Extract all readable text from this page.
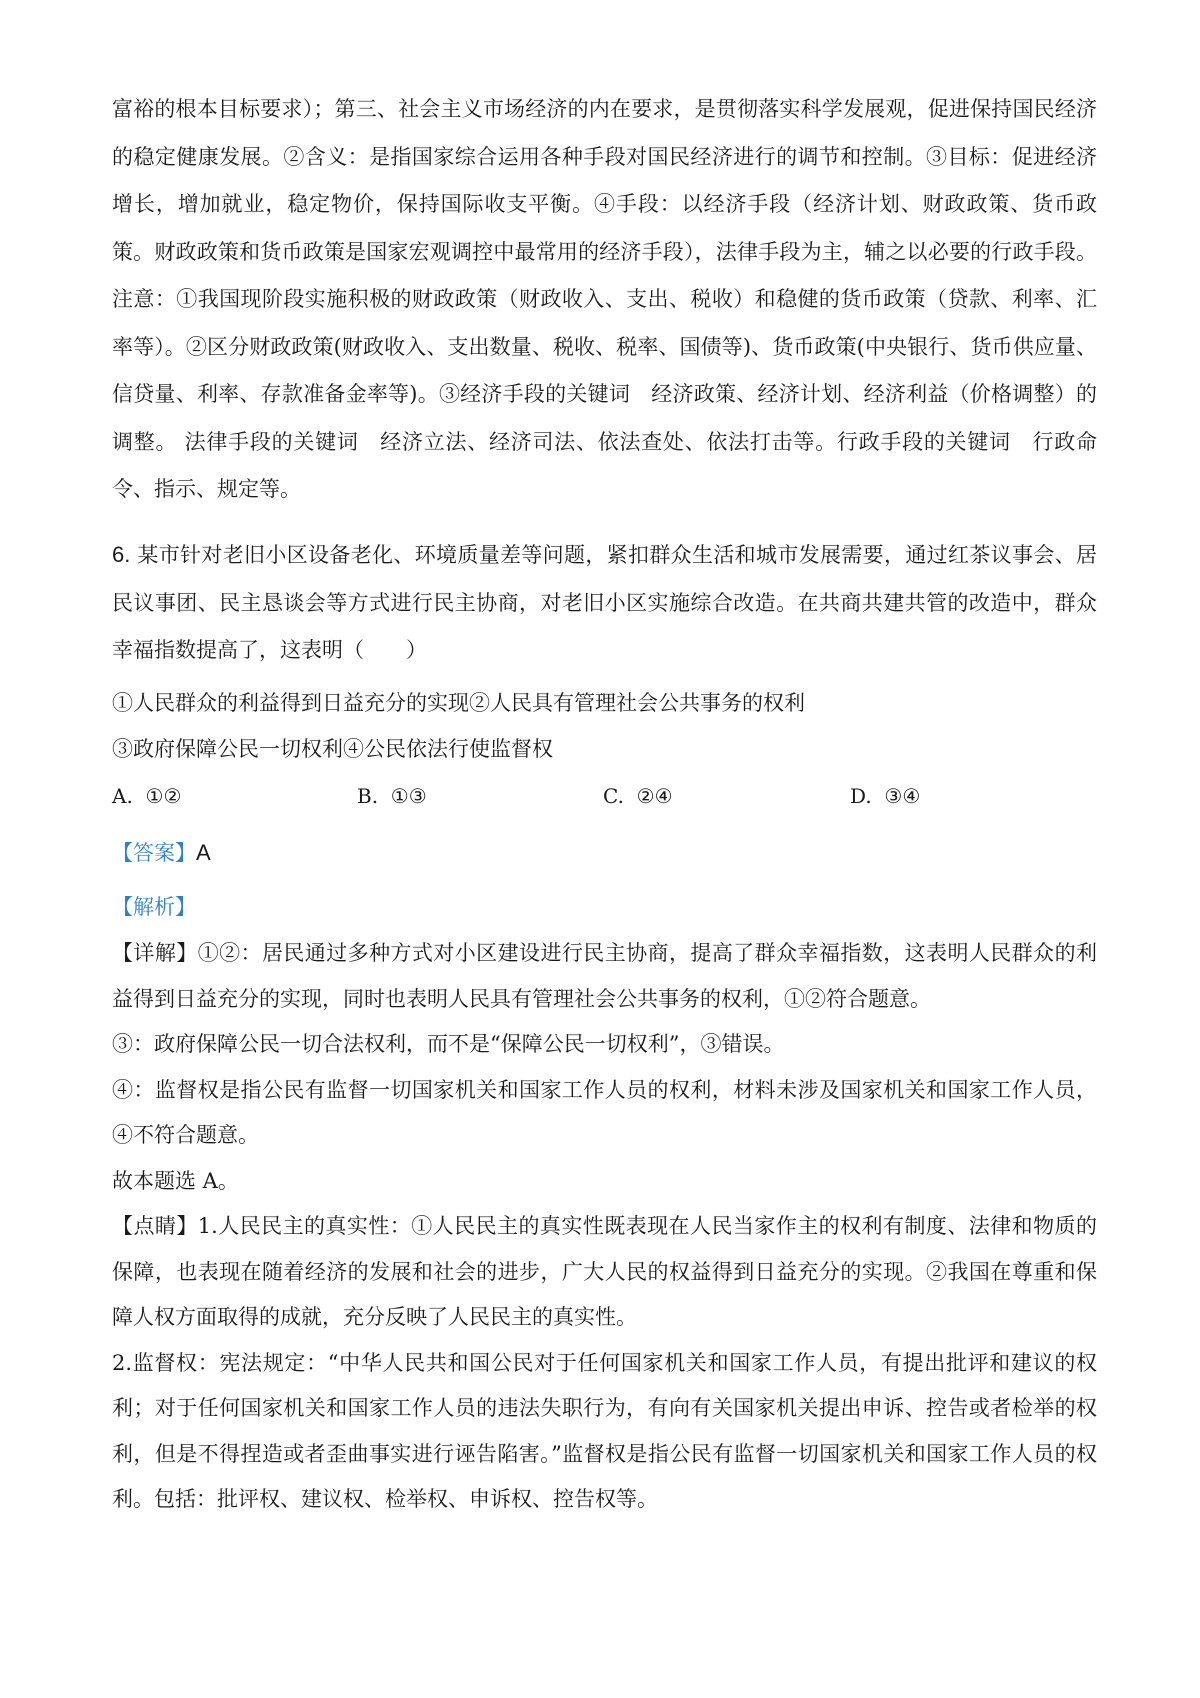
富裕的根本目标要求）；第三、社会主义市场经济的内在要求，是贯彻落实科学发展观，促进保持国民经济的稳定健康发展。②含义：是指国家综合运用各种手段对国民经济进行的调节和控制。③目标：促进经济增长，增加就业，稳定物价，保持国际收支平衡。④手段：以经济手段（经济计划、财政政策、货币政策。财政政策和货币政策是国家宏观调控中最常用的经济手段），法律手段为主，辅之以必要的行政手段。注意：①我国现阶段实施积极的财政政策（财政收入、支出、税收）和稳健的货币政策（贷款、利率、汇率等）。②区分财政政策(财政收入、支出数量、税收、税率、国债等)、货币政策(中央银行、货币供应量、信贷量、利率、存款准备金率等)。③经济手段的关键词　经济政策、经济计划、经济利益（价格调整）的调整。 法律手段的关键词　经济立法、经济司法、依法查处、依法打击等。行政手段的关键词　行政命令、指示、规定等。

6. 某市针对老旧小区设备老化、环境质量差等问题，紧扣群众生活和城市发展需要，通过红茶议事会、居民议事团、民主恳谈会等方式进行民主协商，对老旧小区实施综合改造。在共商共建共管的改造中，群众幸福指数提高了，这表明（　　）

①人民群众的利益得到日益充分的实现②人民具有管理社会公共事务的权利
③政府保障公民一切权利④公民依法行使监督权
A. ①②	B. ①③	C. ②④	D. ③④
【答案】A
【解析】

【详解】①②：居民通过多种方式对小区建设进行民主协商，提高了群众幸福指数，这表明人民群众的利益得到日益充分的实现，同时也表明人民具有管理社会公共事务的权利，①②符合题意。

③：政府保障公民一切合法权利，而不是“保障公民一切权利”，③错误。

④：监督权是指公民有监督一切国家机关和国家工作人员的权利，材料未涉及国家机关和国家工作人员，④不符合题意。

故本题选 A。

【点睛】1.人民民主的真实性：①人民民主的真实性既表现在人民当家作主的权利有制度、法律和物质的保障，也表现在随着经济的发展和社会的进步，广大人民的权益得到日益充分的实现。②我国在尊重和保障人权方面取得的成就，充分反映了人民民主的真实性。

2.监督权：宪法规定：“中华人民共和国公民对于任何国家机关和国家工作人员，有提出批评和建议的权利；对于任何国家机关和国家工作人员的违法失职行为，有向有关国家机关提出申诉、控告或者检举的权利，但是不得捏造或者歪曲事实进行诬告陷害。”监督权是指公民有监督一切国家机关和国家工作人员的权利。包括：批评权、建议权、检举权、申诉权、控告权等。
